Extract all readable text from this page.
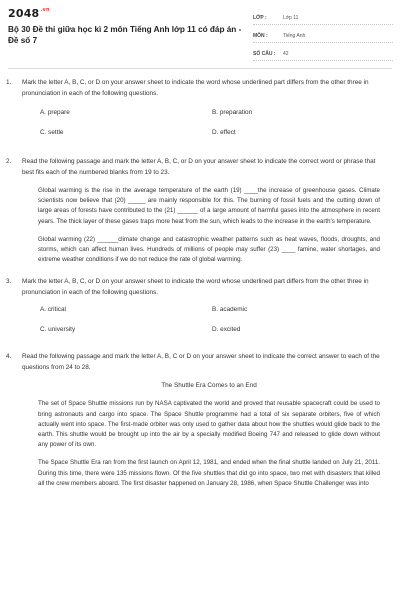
$2048^{.vn}$
Bộ 30 Đề thi giữa học kì 2 môn Tiếng Anh lớp 11 có đáp án - Đề số 7
LỚP :	Lớp 11
MÔN :	Tiếng Anh
SỐ CÂU :	42
1. Mark the letter A, B, C, or D on your answer sheet to indicate the word whose underlined part differs from the other three in pronunciation in each of the following questions.
A. prepare	B. preparation
C. settle	D. effect
2. Read the following passage and mark the letter A, B, C, or D on your answer sheet to indicate the correct word or phrase that best fits each of the numbered blanks from 19 to 23.
Global warming is the rise in the average temperature of the earth (19) ____the increase of greenhouse gases. Climate scientists now believe that (20) _____ are mainly responsible for this. The burning of fossil fuels and the cutting down of large areas of forests have contributed to the (21) ______ of a large amount of harmful gases into the atmosphere in recent years. The thick layer of these gases traps more heat from the sun, which leads to the increase in the earth's temperature.
Global warming (22) ______climate change and catastrophic weather patterns such as heat waves, floods, droughts, and storms, which can affect human lives. Hundreds of millions of people may suffer (23) ____ famine, water shortages, and extreme weather conditions if we do not reduce the rate of global warming.
3. Mark the letter A, B, C, or D on your answer sheet to indicate the word whose underlined part differs from the other three in pronunciation in each of the following questions.
A. critical	B. academic
C. university	D. excited
4. Read the following passage and mark the letter A, B, C or D on your answer sheet to indicate the correct answer to each of the questions from 24 to 28.
The Shuttle Era Comes to an End
The set of Space Shuttle missions run by NASA captivated the world and proved that reusable spacecraft could be used to bring astronauts and cargo into space. The Space Shuttle programme had a total of six separate orbiters, five of which actually went into space. The first-made orbiter was only used to gather data about how the shuttles would glide back to the earth. This shuttle would be brought up into the air by a specially modified Boeing 747 and released to glide down without any power of its own.
The Space Shuttle Era ran from the first launch on April 12, 1981, and ended when the final shuttle landed on July 21, 2011. During this time, there were 135 missions flown. Of the five shuttles that did go into space, two met with disasters that killed all the crew members aboard. The first disaster happened on January 28, 1986, when Space Shuttle Challenger was into
